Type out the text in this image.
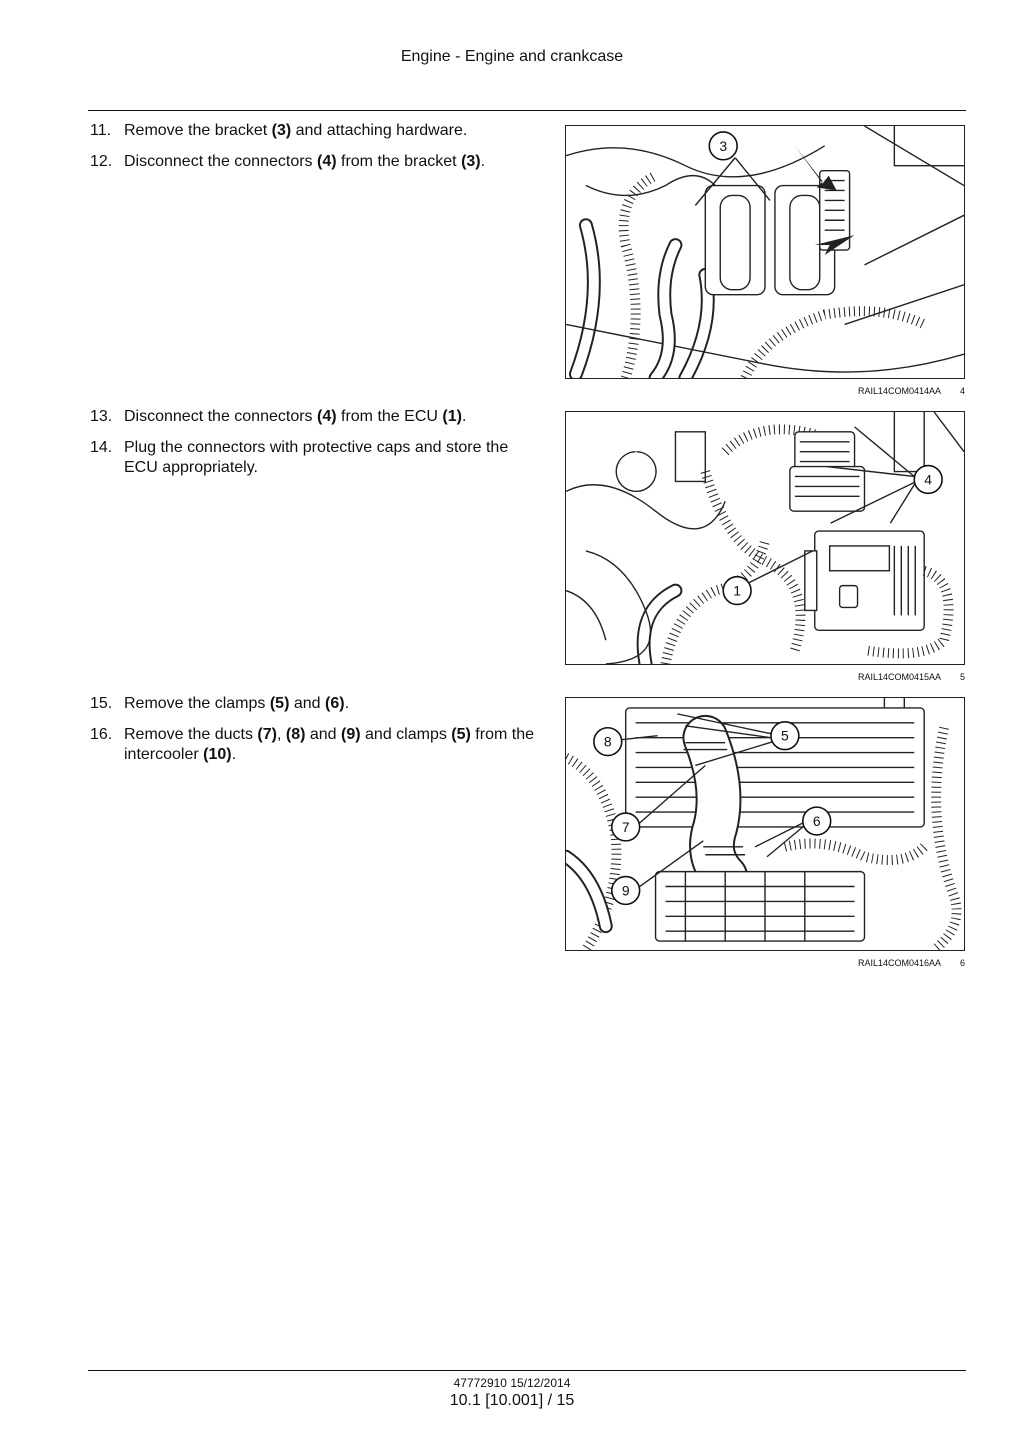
Engine - Engine and crankcase
11. Remove the bracket (3) and attaching hardware.
12. Disconnect the connectors (4) from the bracket (3).
3
RAIL14COM0414AA 4
13. Disconnect the connectors (4) from the ECU (1).
14. Plug the connectors with protective caps and store the ECU appropriately.
4
1
RAIL14COM0415AA 5
15. Remove the clamps (5) and (6).
16. Remove the ducts (7), (8) and (9) and clamps (5) from the intercooler (10).
8	5
7	6
9
RAIL14COM0416AA 6
47772910 15/12/2014
10.1 [10.001] / 15
